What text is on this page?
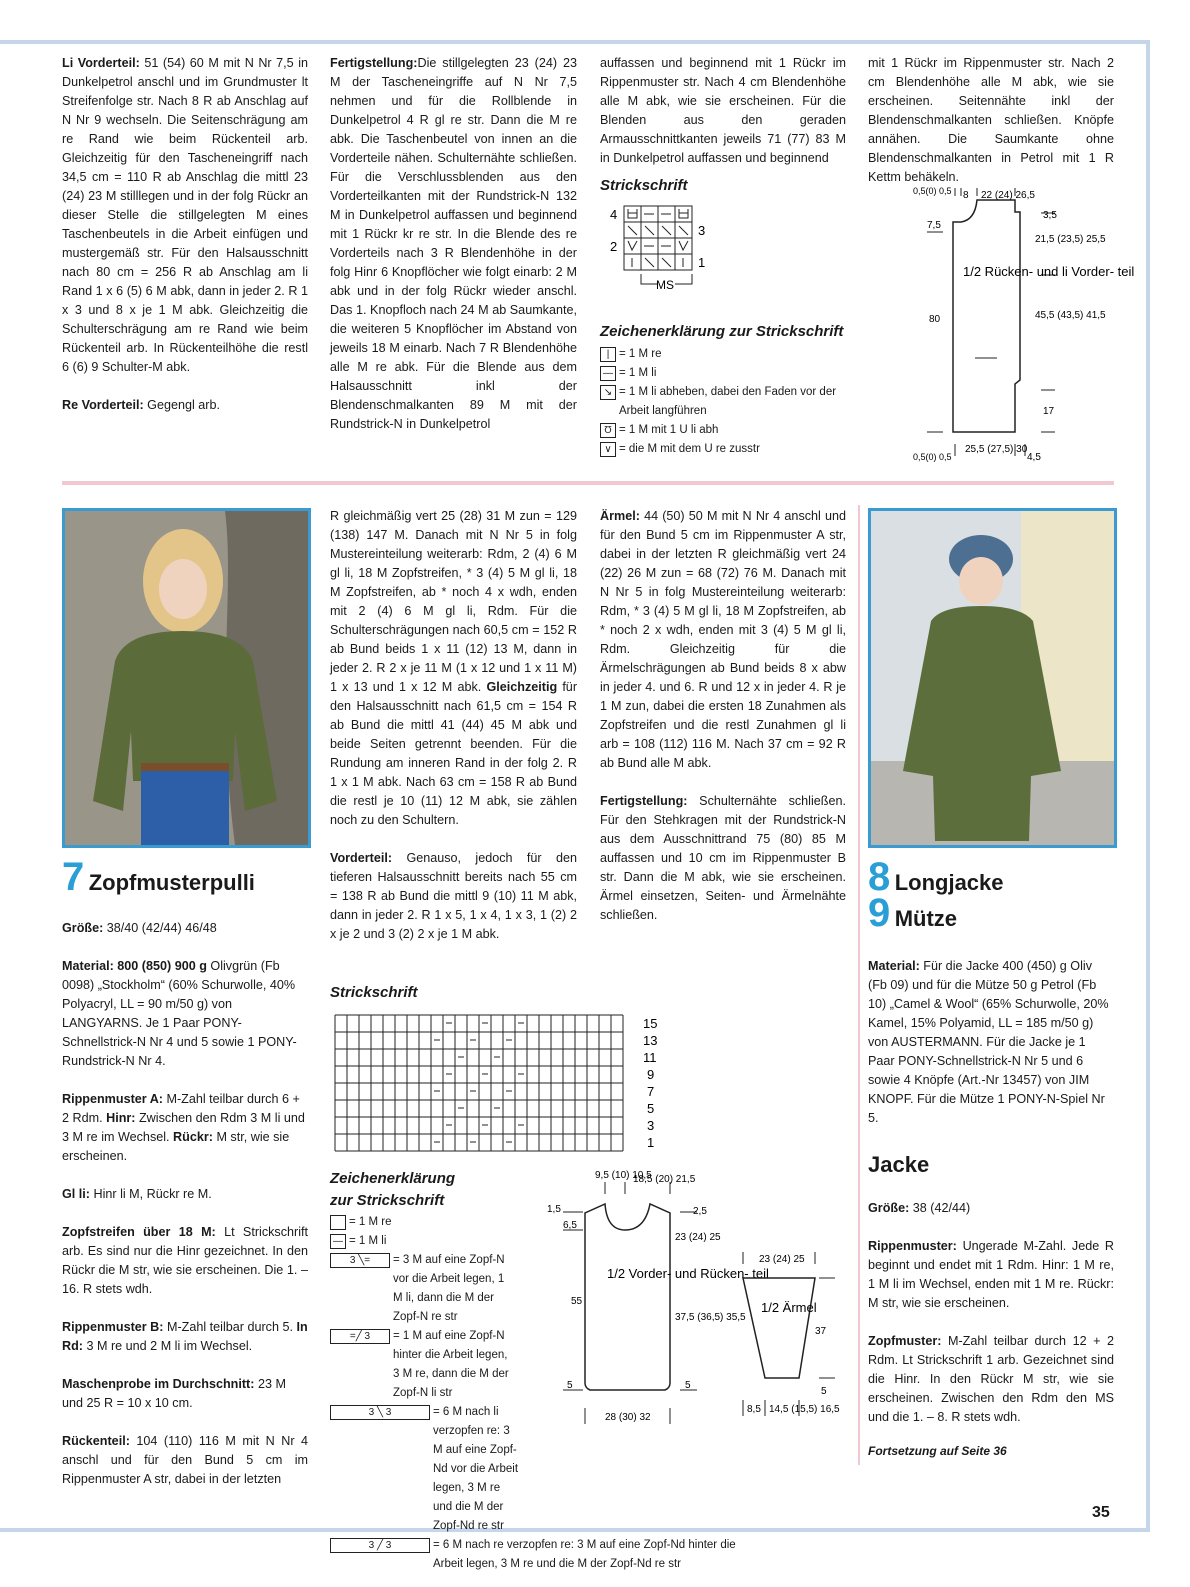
Li Vorderteil: 51 (54) 60 M mit N Nr 7,5 in Dunkelpetrol anschl und im Grundmuster lt Streifenfolge str. Nach 8 R ab Anschlag auf N Nr 9 wechseln. Die Seitenschrägung am re Rand wie beim Rückenteil arb. Gleichzeitig für den Tascheneingriff nach 34,5 cm = 110 R ab Anschlag die mittl 23 (24) 23 M stilllegen und in der folg Rückr an dieser Stelle die stillgelegten M eines Taschenbeutels in die Arbeit einfügen und mustergemäß str. Für den Halsausschnitt nach 80 cm = 256 R ab Anschlag am li Rand 1 x 6 (5) 6 M abk, dann in jeder 2. R 1 x 3 und 8 x je 1 M abk. Gleichzeitig die Schulterschrägung am re Rand wie beim Rückenteil arb. In Rückenteilhöhe die restl 6 (6) 9 Schulter-M abk.

Re Vorderteil: Gegengl arb.

Fertigstellung:Die stillgelegten 23 (24) 23 M der Tascheneingriffe auf N Nr 7,5 nehmen und für die Rollblende in Dunkelpetrol 4 R gl re str. Dann die M re abk. Die Taschenbeutel von innen an die Vorderteile nähen. Schulternähte schließen. Für die Verschlussblenden aus den Vorderteilkanten mit der Rundstrick-N 132 M in Dunkelpetrol auffassen und beginnend mit 1 Rückr kr re str. In die Blende des re Vorderteils nach 3 R Blendenhöhe in der folg Hinr 6 Knopflöcher wie folgt einarb: 2 M abk und in der folg Rückr wieder anschl. Das 1. Knopfloch nach 24 M ab Saumkante, die weiteren 5 Knopflöcher im Abstand von jeweils 18 M einarb. Nach 7 R Blendenhöhe alle M re abk. Für die Blende aus dem Halsausschnitt inkl der Blendenschmalkanten 89 M mit der Rundstrick-N in Dunkelpetrol

auffassen und beginnend mit 1 Rückr im Rippenmuster str. Nach 4 cm Blendenhöhe alle M abk, wie sie erscheinen. Für die Blenden aus den geraden Armausschnittkanten jeweils 71 (77) 83 M in Dunkelpetrol auffassen und beginnend

Strickschrift

4
3
2
1
MS

Zeichenerklärung zur Strickschrift

| = 1 M re
— = 1 M li
↘ = 1 M li abheben, dabei den Faden vor der Arbeit langführen
Ʊ = 1 M mit 1 U li abh
∨ = die M mit dem U re zusstr

mit 1 Rückr im Rippenmuster str. Nach 2 cm Blendenhöhe alle M abk, wie sie erscheinen. Seitennähte inkl der Blendenschmalkanten schließen. Knöpfe annähen. Die Saumkante ohne Blendenschmalkanten in Petrol mit 1 R Kettm behäkeln.

0,5(0) 0,5 8 22 (24) 26,5
3,5
7,5
21,5 (23,5) 25,5
80	45,5 (43,5) 41,5
17
25,5 (27,5) 30
0,5(0) 0,5	4,5
1/2 Rücken- und li Vorder- teil
7 Zopfmusterpulli

Größe: 38/40 (42/44) 46/48

Material: 800 (850) 900 g Olivgrün (Fb 0098) „Stockholm“ (60% Schurwolle, 40% Polyacryl, LL = 90 m/50 g) von LANGYARNS. Je 1 Paar PONY-Schnellstrick-N Nr 4 und 5 sowie 1 PONY-Rundstrick-N Nr 4.

Rippenmuster A: M-Zahl teilbar durch 6 + 2 Rdm. Hinr: Zwischen den Rdm 3 M li und 3 M re im Wechsel. Rückr: M str, wie sie erscheinen.

Gl li: Hinr li M, Rückr re M.

Zopfstreifen über 18 M: Lt Strickschrift arb. Es sind nur die Hinr gezeichnet. In den Rückr die M str, wie sie erscheinen. Die 1. – 16. R stets wdh.

Rippenmuster B: M-Zahl teilbar durch 5. In Rd: 3 M re und 2 M li im Wechsel.

Maschenprobe im Durchschnitt: 23 M und 25 R = 10 x 10 cm.

Rückenteil: 104 (110) 116 M mit N Nr 4 anschl und für den Bund 5 cm im Rippenmuster A str, dabei in der letzten

R gleichmäßig vert 25 (28) 31 M zun = 129 (138) 147 M. Danach mit N Nr 5 in folg Mustereinteilung weiterarb: Rdm, 2 (4) 6 M gl li, 18 M Zopfstreifen, * 3 (4) 5 M gl li, 18 M Zopfstreifen, ab * noch 4 x wdh, enden mit 2 (4) 6 M gl li, Rdm. Für die Schulterschrägungen nach 60,5 cm = 152 R ab Bund beids 1 x 11 (12) 13 M, dann in jeder 2. R 2 x je 11 M (1 x 12 und 1 x 11 M) 1 x 13 und 1 x 12 M abk. Gleichzeitig für den Halsausschnitt nach 61,5 cm = 154 R ab Bund die mittl 41 (44) 45 M abk und beide Seiten getrennt beenden. Für die Rundung am inneren Rand in der folg 2. R 1 x 1 M abk. Nach 63 cm = 158 R ab Bund die restl je 10 (11) 12 M abk, sie zählen noch zu den Schultern.

Vorderteil: Genauso, jedoch für den tieferen Halsausschnitt bereits nach 55 cm = 138 R ab Bund die mittl 9 (10) 11 M abk, dann in jeder 2. R 1 x 5, 1 x 4, 1 x 3, 1 (2) 2 x je 2 und 3 (2) 2 x je 1 M abk.

Ärmel: 44 (50) 50 M mit N Nr 4 anschl und für den Bund 5 cm im Rippenmuster A str, dabei in der letzten R gleichmäßig vert 24 (22) 26 M zun = 68 (72) 76 M. Danach mit N Nr 5 in folg Mustereinteilung weiterarb: Rdm, * 3 (4) 5 M gl li, 18 M Zopfstreifen, ab * noch 2 x wdh, enden mit 3 (4) 5 M gl li, Rdm. Gleichzeitig für die Ärmelschrägungen ab Bund beids 8 x abw in jeder 4. und 6. R und 12 x in jeder 4. R je 1 M zun, dabei die ersten 18 Zunahmen als Zopfstreifen und die restl Zunahmen gl li arb = 108 (112) 116 M. Nach 37 cm = 92 R ab Bund alle M abk.

Fertigstellung: Schulternähte schließen. Für den Stehkragen mit der Rundstrick-N aus dem Ausschnittrand 75 (80) 85 M auffassen und 10 cm im Rippenmuster B str. Dann die M abk, wie sie erscheinen. Ärmel einsetzen, Seiten- und Ärmelnähte schließen.

Strickschrift

15
13
11
9
7
5
3
1

Zeichenerklärung

zur Strickschrift

= 1 M re
— = 1 M li
3 ╲=	= 3 M auf eine Zopf-N vor die Arbeit legen, 1 M li, dann die M der Zopf-N re str
=╱ 3	= 1 M auf eine Zopf-N hinter die Arbeit legen, 3 M re, dann die M der Zopf-N li str
3 ╲ 3	= 6 M nach li verzopfen re: 3 M auf eine Zopf-Nd vor die Arbeit legen, 3 M re und die M der Zopf-Nd re str
3 ╱ 3	= 6 M nach re verzopfen re: 3 M auf eine Zopf-Nd hinter die Arbeit legen, 3 M re und die M der Zopf-Nd re str
9,5 (10) 10,5
18,5 (20) 21,5
1,5	2,5
6,5
23 (24) 25
55
37,5 (36,5) 35,5
5	5
28 (30) 32
1/2 Vorder- und Rücken- teil
23 (24) 25
37
5
8,5 14,5 (15,5) 16,5
1/2 Ärmel
8 Longjacke
9 Mütze

Material: Für die Jacke 400 (450) g Oliv (Fb 09) und für die Mütze 50 g Petrol (Fb 10) „Camel & Wool“ (65% Schurwolle, 20% Kamel, 15% Polyamid, LL = 185 m/50 g) von AUSTERMANN. Für die Jacke je 1 Paar PONY-Schnellstrick-N Nr 5 und 6 sowie 4 Knöpfe (Art.-Nr 13457) von JIM KNOPF. Für die Mütze 1 PONY-N-Spiel Nr 5.

Jacke

Größe: 38 (42/44)

Rippenmuster: Ungerade M-Zahl. Jede R beginnt und endet mit 1 Rdm. Hinr: 1 M re, 1 M li im Wechsel, enden mit 1 M re. Rückr: M str, wie sie erscheinen.

Zopfmuster: M-Zahl teilbar durch 12 + 2 Rdm. Lt Strickschrift 1 arb. Gezeichnet sind die Hinr. In den Rückr M str, wie sie erscheinen. Zwischen den Rdm den MS und die 1. – 8. R stets wdh.

Fortsetzung auf Seite 36
35
